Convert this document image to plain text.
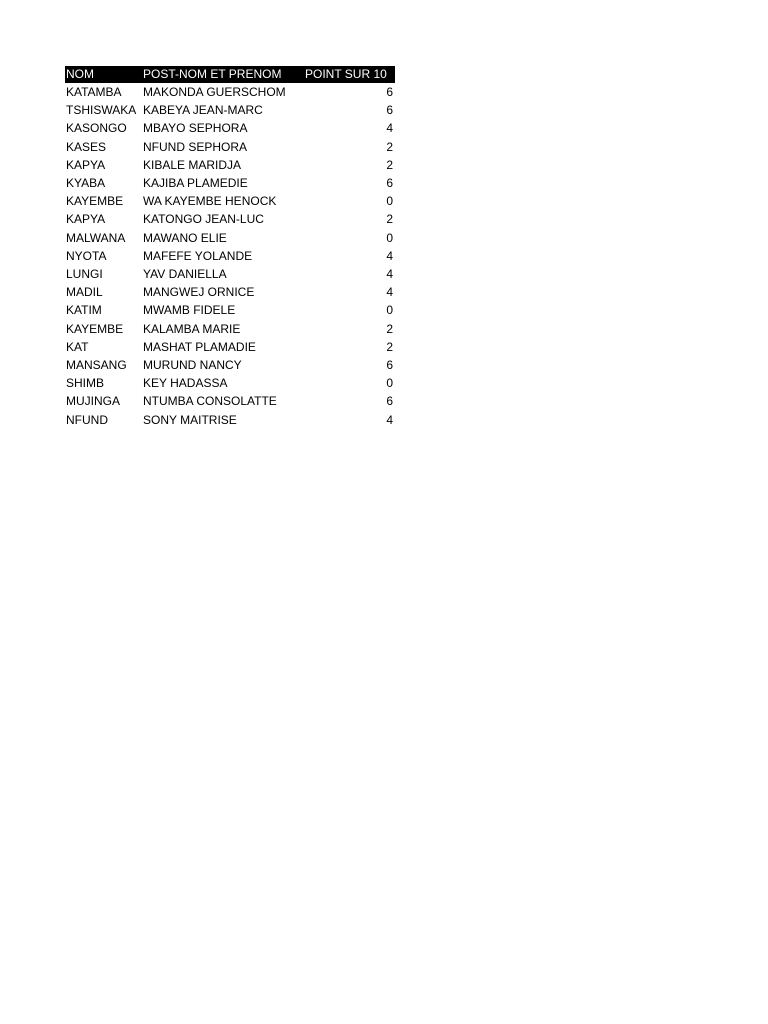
NOM	POST-NOM ET PRENOM	POINT SUR 10
KATAMBA	MAKONDA GUERSCHOM	6
TSHISWAKA	KABEYA JEAN-MARC	6
KASONGO	MBAYO SEPHORA	4
KASES	NFUND SEPHORA	2
KAPYA	KIBALE MARIDJA	2
KYABA	KAJIBA PLAMEDIE	6
KAYEMBE	WA KAYEMBE HENOCK	0
KAPYA	KATONGO JEAN-LUC	2
MALWANA	MAWANO ELIE	0
NYOTA	MAFEFE YOLANDE	4
LUNGI	YAV DANIELLA	4
MADIL	MANGWEJ ORNICE	4
KATIM	MWAMB FIDELE	0
KAYEMBE	KALAMBA MARIE	2
KAT	MASHAT PLAMADIE	2
MANSANG	MURUND NANCY	6
SHIMB	KEY HADASSA	0
MUJINGA	NTUMBA CONSOLATTE	6
NFUND	SONY MAITRISE	4
